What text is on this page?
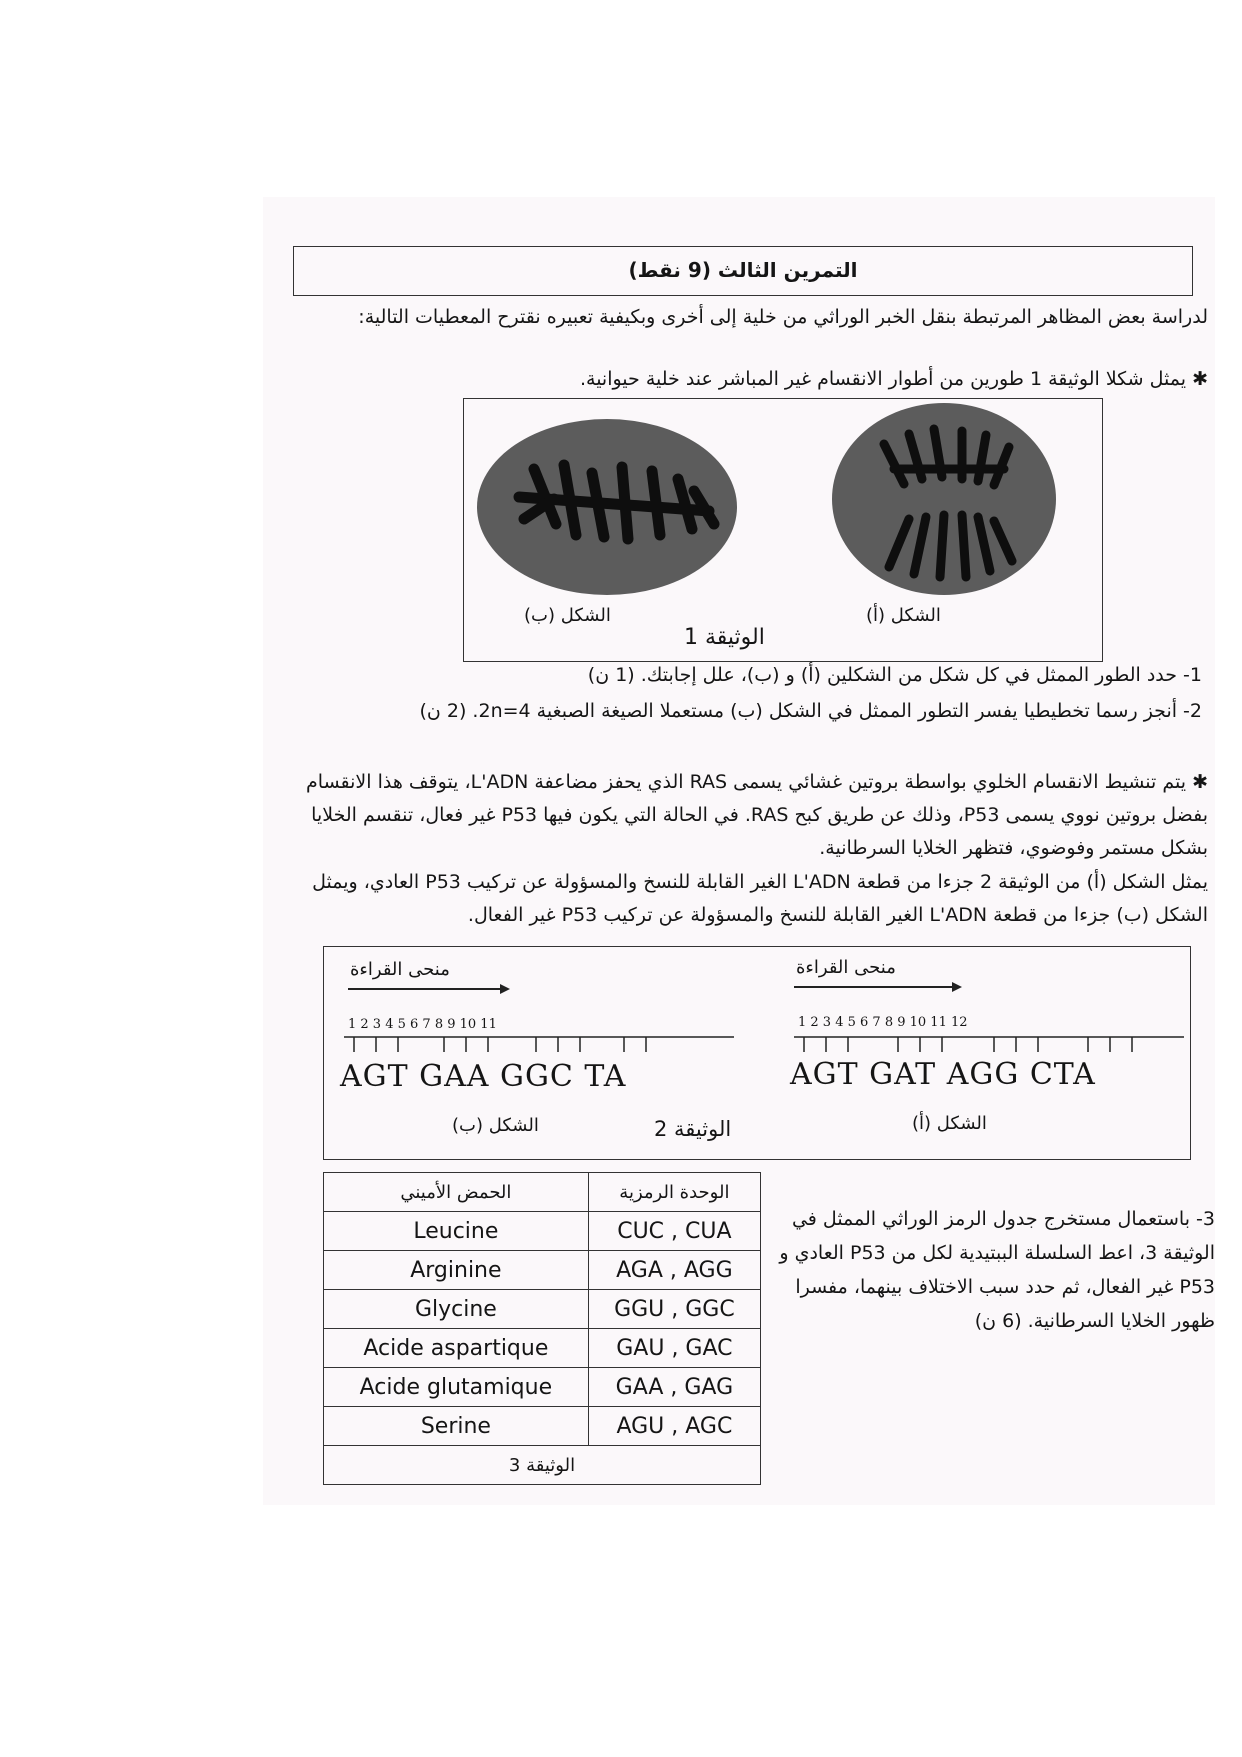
التمرين الثالث (9 نقط)
لدراسة بعض المظاهر المرتبطة بنقل الخبر الوراثي من خلية إلى أخرى وبكيفية تعبيره نقترح المعطيات التالية:
✱ يمثل شكلا الوثيقة 1 طورين من أطوار الانقسام غير المباشر عند خلية حيوانية.
الشكل (ب)	الشكل (أ)
الوثيقة 1
1- حدد الطور الممثل في كل شكل من الشكلين (أ) و (ب)، علل إجابتك. (1 ن)
2- أنجز رسما تخطيطيا يفسر التطور الممثل في الشكل (ب) مستعملا الصيغة الصبغية 2n=4. (2 ن)
✱ يتم تنشيط الانقسام الخلوي بواسطة بروتين غشائي يسمى RAS الذي يحفز مضاعفة L'ADN، يتوقف هذا الانقسام بفضل بروتين نووي يسمى P53، وذلك عن طريق كبح RAS. في الحالة التي يكون فيها P53 غير فعال، تنقسم الخلايا بشكل مستمر وفوضوي، فتظهر الخلايا السرطانية.
يمثل الشكل (أ) من الوثيقة 2 جزءا من قطعة L'ADN الغير القابلة للنسخ والمسؤولة عن تركيب P53 العادي، ويمثل الشكل (ب) جزءا من قطعة L'ADN الغير القابلة للنسخ والمسؤولة عن تركيب P53 غير الفعال.
منحى القراءة	منحى القراءة
1 2 3 4 5 6 7 8 9 10 11	1 2 3 4 5 6 7 8 9 10 11 12
AGT GAA GGC TA	AGT GAT AGG CTA
الشكل (ب)	الوثيقة 2	الشكل (أ)
الحمض الأميني	الوحدة الرمزية
Leucine	CUC , CUA
Arginine	AGA , AGG
Glycine	GGU , GGC
Acide aspartique	GAU , GAC
Acide glutamique	GAA , GAG
Serine	AGU , AGC
الوثيقة 3	
3- باستعمال مستخرج جدول الرمز الوراثي الممثل في الوثيقة 3، اعط السلسلة الببتيدية لكل من P53 العادي و P53 غير الفعال، ثم حدد سبب الاختلاف بينهما، مفسرا ظهور الخلايا السرطانية. (6 ن)
